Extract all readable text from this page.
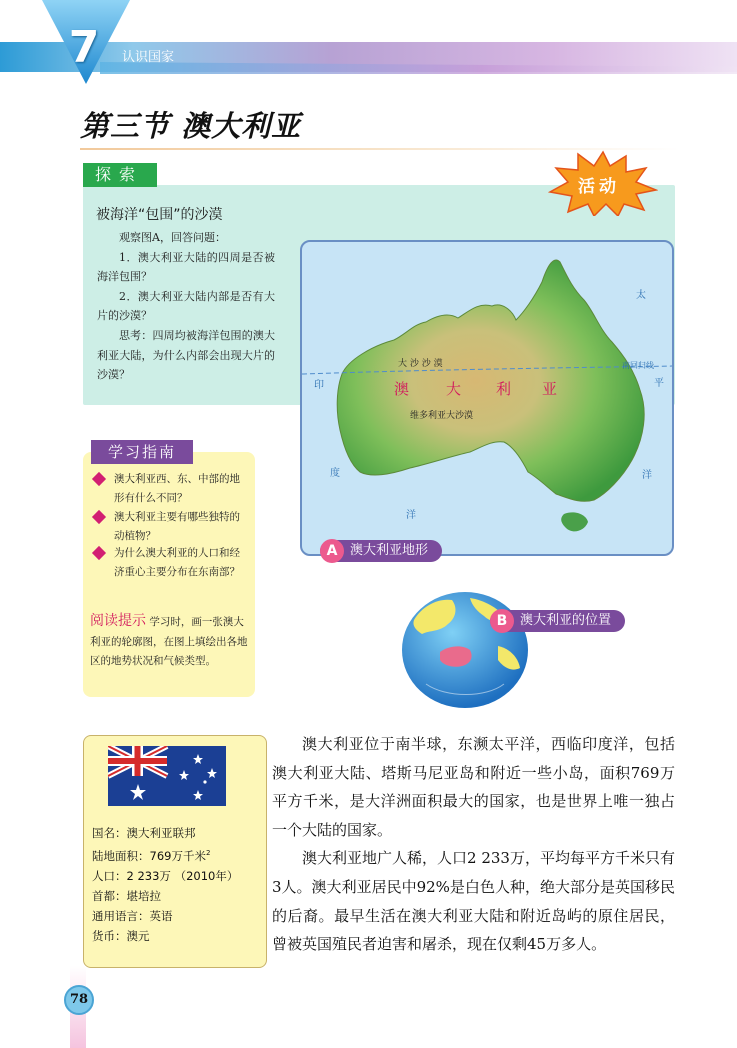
7	认识国家
第三节 澳大利亚
探索
被海洋“包围”的沙漠

观察图A，回答问题：

1．澳大利亚大陆的四周是否被海洋包围？

2．澳大利亚大陆内部是否有大片的沙漠？

思考：四周均被海洋包围的澳大利亚大陆，为什么内部会出现大片的沙漠？

活动
印
度
洋
太
平
洋
南回归线
大 沙 沙 漠
澳 大 利 亚
维多利亚大沙漠
A 澳大利亚地形
学习指南
澳大利亚西、东、中部的地形有什么不同？
澳大利亚主要有哪些独特的动植物？
为什么澳大利亚的人口和经济重心主要分布在东南部？
阅读提示 学习时，画一张澳大利亚的轮廓图，在图上填绘出各地区的地势状况和气候类型。
B 澳大利亚的位置
国名：澳大利亚联邦
陆地面积：769万千米$^2$
人口：2 233万 （2010年）
首都：堪培拉
通用语言：英语
货币：澳元

澳大利亚位于南半球，东濒太平洋，西临印度洋，包括澳大利亚大陆、塔斯马尼亚岛和附近一些小岛，面积769万平方千米，是大洋洲面积最大的国家，也是世界上唯一独占一个大陆的国家。

澳大利亚地广人稀，人口2 233万，平均每平方千米只有3人。澳大利亚居民中92%是白色人种，绝大部分是英国移民的后裔。最早生活在澳大利亚大陆和附近岛屿的原住居民，曾被英国殖民者迫害和屠杀，现在仅剩45万多人。

78
